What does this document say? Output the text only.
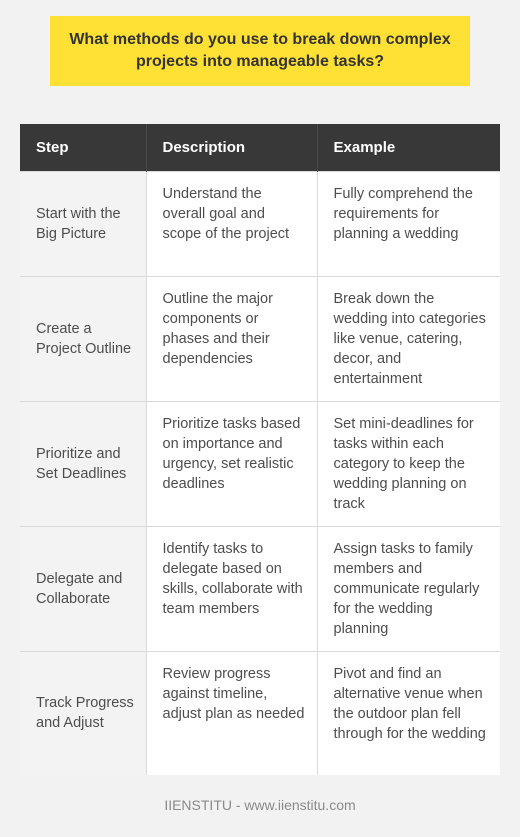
What methods do you use to break down complex projects into manageable tasks?
Step	Description	Example
Start with the Big Picture	Understand the overall goal and scope of the project	Fully comprehend the requirements for planning a wedding
Create a Project Outline	Outline the major components or phases and their dependencies	Break down the wedding into categories like venue, catering, decor, and entertainment
Prioritize and Set Deadlines	Prioritize tasks based on importance and urgency, set realistic deadlines	Set mini-deadlines for tasks within each category to keep the wedding planning on track
Delegate and Collaborate	Identify tasks to delegate based on skills, collaborate with team members	Assign tasks to family members and communicate regularly for the wedding planning
Track Progress and Adjust	Review progress against timeline, adjust plan as needed	Pivot and find an alternative venue when the outdoor plan fell through for the wedding
IIENSTITU - www.iienstitu.com
